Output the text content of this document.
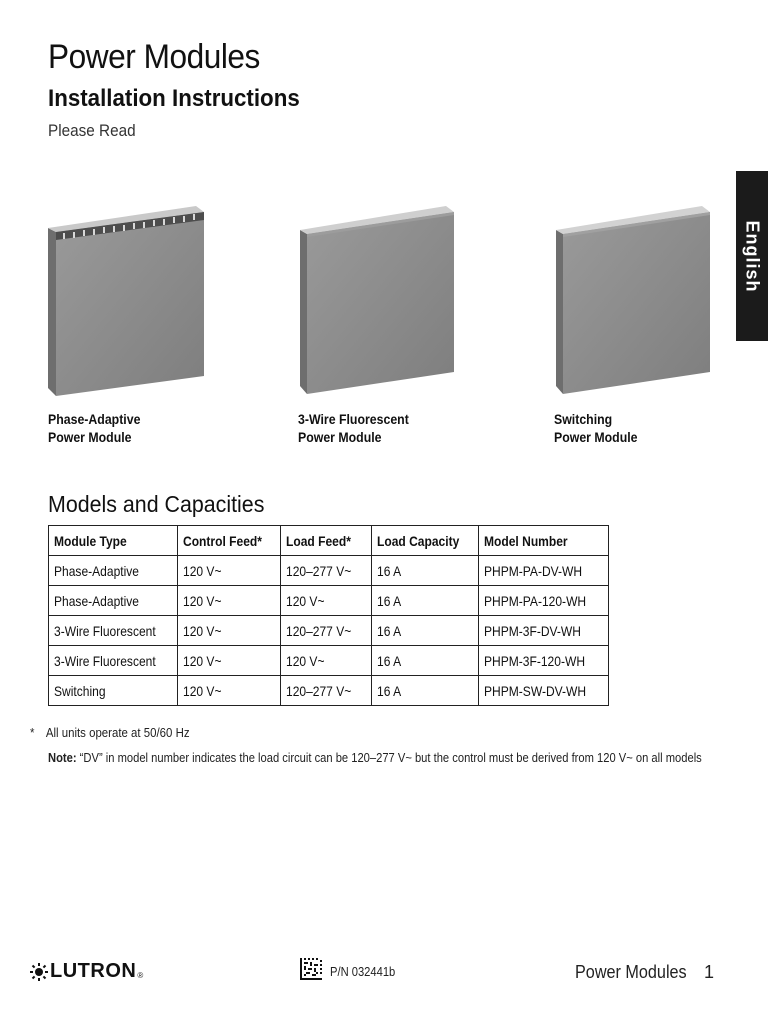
Power Modules
Installation Instructions

Please Read

English
Phase-Adaptive
Power Module
3-Wire Fluorescent
Power Module
Switching
Power Module
Models and Capacities
Module Type	Control Feed*	Load Feed*	Load Capacity	Model Number
Phase-Adaptive	120 V~	120–277 V~	16 A	PHPM-PA-DV-WH
Phase-Adaptive	120 V~	120 V~	16 A	PHPM-PA-120-WH
3-Wire Fluorescent	120 V~	120–277 V~	16 A	PHPM-3F-DV-WH
3-Wire Fluorescent	120 V~	120 V~	16 A	PHPM-3F-120-WH
Switching	120 V~	120–277 V~	16 A	PHPM-SW-DV-WH
* All units operate at 50/60 Hz
Note: “DV” in model number indicates the load circuit can be 120–277 V~ but the control must be derived from 120 V~ on all models
LUTRON ®	P/N 032441b	Power Modules 1
